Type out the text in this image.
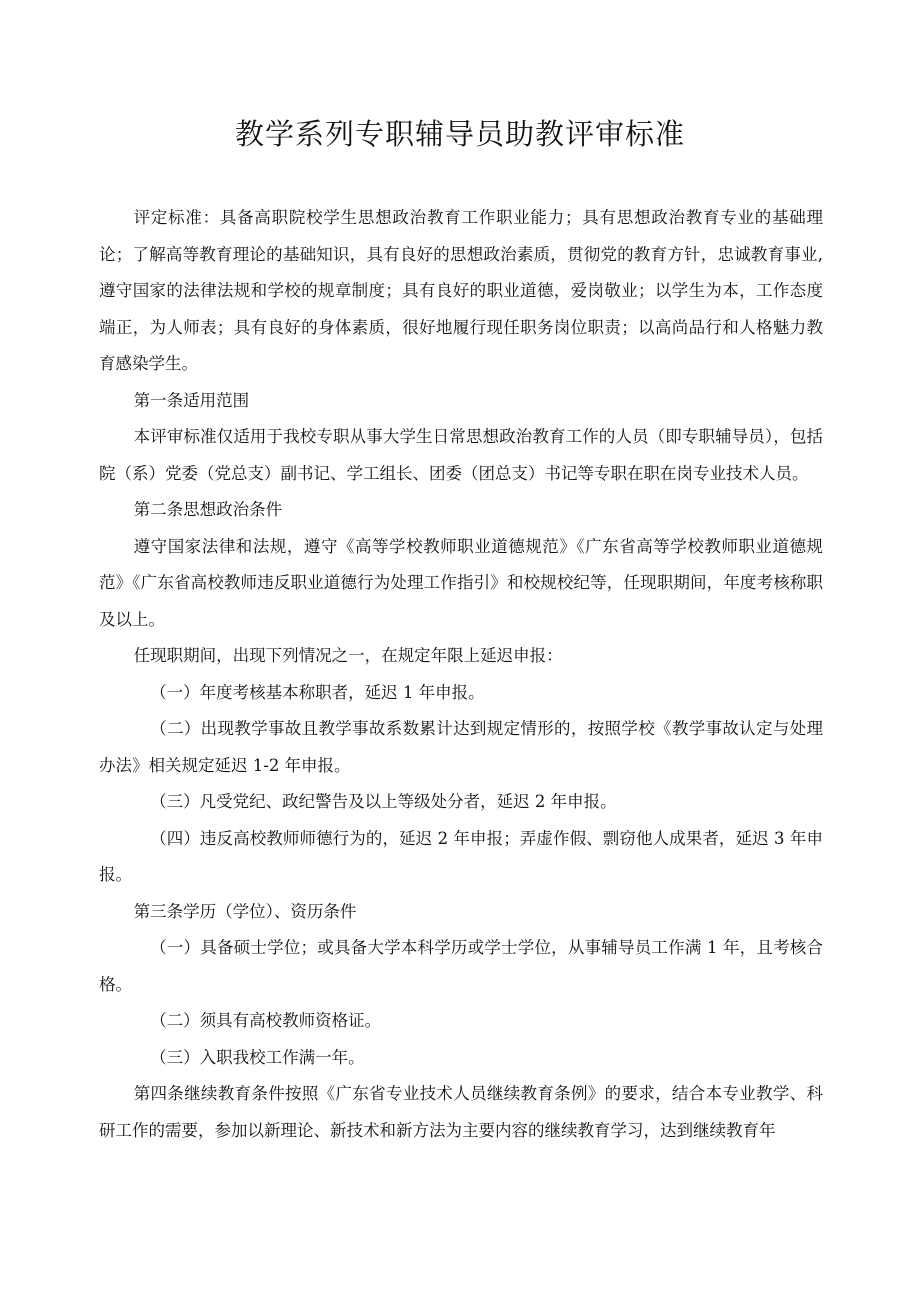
教学系列专职辅导员助教评审标准

评定标准：具备高职院校学生思想政治教育工作职业能力；具有思想政治教育专业的基础理论；了解高等教育理论的基础知识，具有良好的思想政治素质，贯彻党的教育方针，忠诚教育事业,遵守国家的法律法规和学校的规章制度；具有良好的职业道德，爱岗敬业；以学生为本，工作态度端正，为人师表；具有良好的身体素质，很好地履行现任职务岗位职责；以高尚品行和人格魅力教育感染学生。

第一条适用范围

本评审标准仅适用于我校专职从事大学生日常思想政治教育工作的人员（即专职辅导员），包括院（系）党委（党总支）副书记、学工组长、团委（团总支）书记等专职在职在岗专业技术人员。

第二条思想政治条件

遵守国家法律和法规，遵守《高等学校教师职业道德规范》《广东省高等学校教师职业道德规范》《广东省高校教师违反职业道德行为处理工作指引》和校规校纪等，任现职期间，年度考核称职及以上。

任现职期间，出现下列情况之一，在规定年限上延迟申报：

（一）年度考核基本称职者，延迟 1 年申报。

（二）出现教学事故且教学事故系数累计达到规定情形的，按照学校《教学事故认定与处理办法》相关规定延迟 1-2 年申报。

（三）凡受党纪、政纪警告及以上等级处分者，延迟 2 年申报。

（四）违反高校教师师德行为的，延迟 2 年申报；弄虚作假、剽窃他人成果者，延迟 3 年申报。

第三条学历（学位）、资历条件

（一）具备硕士学位；或具备大学本科学历或学士学位，从事辅导员工作满 1 年，且考核合格。

（二）须具有高校教师资格证。

（三）入职我校工作满一年。

第四条继续教育条件按照《广东省专业技术人员继续教育条例》的要求，结合本专业教学、科研工作的需要，参加以新理论、新技术和新方法为主要内容的继续教育学习，达到继续教育年
